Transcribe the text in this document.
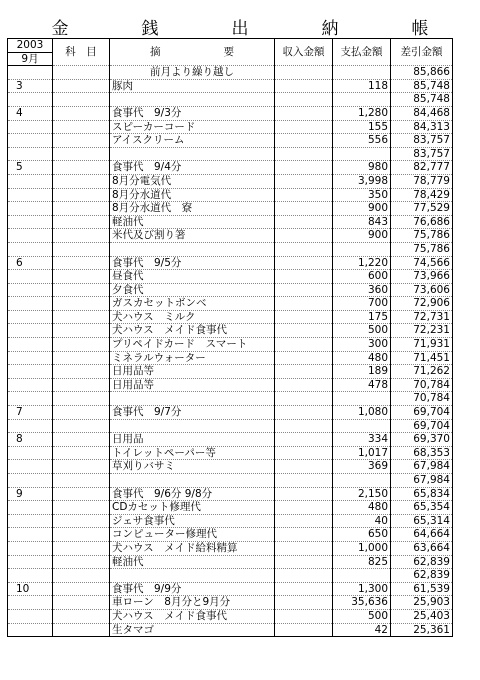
金　銭　出　納　帳
2003	科　目	摘　　　　　　要	収入金額	支払金額	差引金額
9月					
		前月より繰り越し			85,866
3		豚肉		118	85,748
					85,748
4		食事代　9/3分		1,280	84,468
		スピーカーコード		155	84,313
		アイスクリーム		556	83,757
					83,757
5		食事代　9/4分		980	82,777
		8月分電気代		3,998	78,779
		8月分水道代		350	78,429
		8月分水道代　寮		900	77,529
		軽油代		843	76,686
		米代及び割り箸		900	75,786
					75,786
6		食事代　9/5分		1,220	74,566
		昼食代		600	73,966
		夕食代		360	73,606
		ガスカセットボンベ		700	72,906
		犬ハウス　ミルク		175	72,731
		犬ハウス　メイド食事代		500	72,231
		プリペイドカード　スマート		300	71,931
		ミネラルウォーター		480	71,451
		日用品等		189	71,262
		日用品等		478	70,784
					70,784
7		食事代　9/7分		1,080	69,704
					69,704
8		日用品		334	69,370
		トイレットペーパー等		1,017	68,353
		草刈りバサミ		369	67,984
					67,984
9		食事代　9/6分 9/8分		2,150	65,834
		CDカセット修理代		480	65,354
		ジェサ食事代		40	65,314
		コンピューター修理代		650	64,664
		犬ハウス　メイド給料精算		1,000	63,664
		軽油代		825	62,839
					62,839
10		食事代　9/9分		1,300	61,539
		車ローン　8月分と9月分		35,636	25,903
		犬ハウス　メイド食事代		500	25,403
		生タマゴ		42	25,361
